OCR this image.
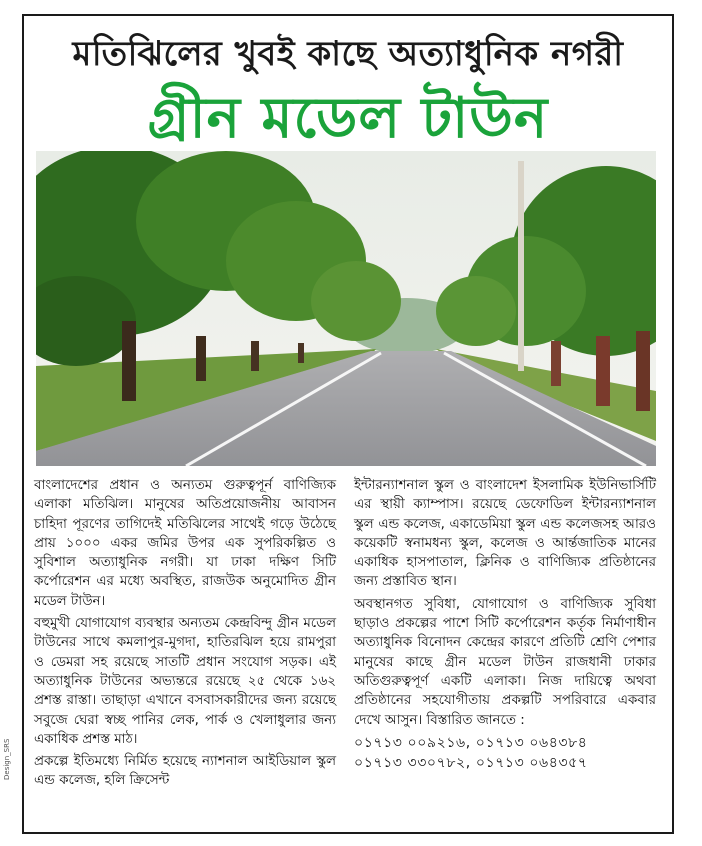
মতিঝিলের খুবই কাছে অত্যাধুনিক নগরী
গ্রীন মডেল টাউন

বাংলাদেশের প্রধান ও অন্যতম গুরুত্বপূর্ন বাণিজ্যিক এলাকা মতিঝিল। মানুষের অতিপ্রয়োজনীয় আবাসন চাহিদা পূরণের তাগিদেই মতিঝিলের সাথেই গড়ে উঠেছে প্রায় ১০০০ একর জমির উপর এক সুপরিকল্পিত ও সুবিশাল অত্যাধুনিক নগরী। যা ঢাকা দক্ষিণ সিটি কর্পোরেশন এর মধ্যে অবস্থিত, রাজউক অনুমোদিত গ্রীন মডেল টাউন।

বহুমুখী যোগাযোগ ব্যবস্থার অন্যতম কেন্দ্রবিন্দু গ্রীন মডেল টাউনের সাথে কমলাপুর-মুগদা, হাতিরঝিল হয়ে রামপুরা ও ডেমরা সহ রয়েছে সাতটি প্রধান সংযোগ সড়ক। এই অত্যাধুনিক টাউনের অভ্যন্তরে রয়েছে ২৫ থেকে ১৬২ প্রশস্ত রাস্তা। তাছাড়া এখানে বসবাসকারীদের জন্য রয়েছে সবুজে ঘেরা স্বচ্ছ পানির লেক, পার্ক ও খেলাধুলার জন্য একাধিক প্রশস্ত মাঠ।

প্রকল্পে ইতিমধ্যে নির্মিত হয়েছে ন্যাশনাল আইডিয়াল স্কুল এন্ড কলেজ, হলি ক্রিসেন্ট

ইন্টারন্যাশনাল স্কুল ও বাংলাদেশ ইসলামিক ইউনিভার্সিটি এর স্থায়ী ক্যাম্পাস। রয়েছে ডেফোডিল ইন্টারন্যাশনাল স্কুল এন্ড কলেজ, একাডেমিয়া স্কুল এন্ড কলেজসহ আরও কয়েকটি স্বনামধন্য স্কুল, কলেজ ও আর্ন্তজাতিক মানের একাধিক হাসপাতাল, ক্লিনিক ও বাণিজ্যিক প্রতিষ্ঠানের জন্য প্রস্তাবিত স্থান।

অবস্থানগত সুবিধা, যোগাযোগ ও বাণিজ্যিক সুবিধা ছাড়াও প্রকল্পের পাশে সিটি কর্পোরেশন কর্তৃক নির্মাণাধীন অত্যাধুনিক বিনোদন কেন্দ্রের কারণে প্রতিটি শ্রেণি পেশার মানুষের কাছে গ্রীন মডেল টাউন রাজধানী ঢাকার অতিগুরুত্বপূর্ণ একটি এলাকা। নিজ দায়িত্বে অথবা প্রতিষ্ঠানের সহযোগীতায় প্রকল্পটি সপরিবারে একবার দেখে আসুন। বিস্তারিত জানতে :

০১৭১৩ ০০৯২১৬, ০১৭১৩ ০৬৪৩৮৪
০১৭১৩ ৩৩০৭৮২, ০১৭১৩ ০৬৪৩৫৭
Design_SRS
